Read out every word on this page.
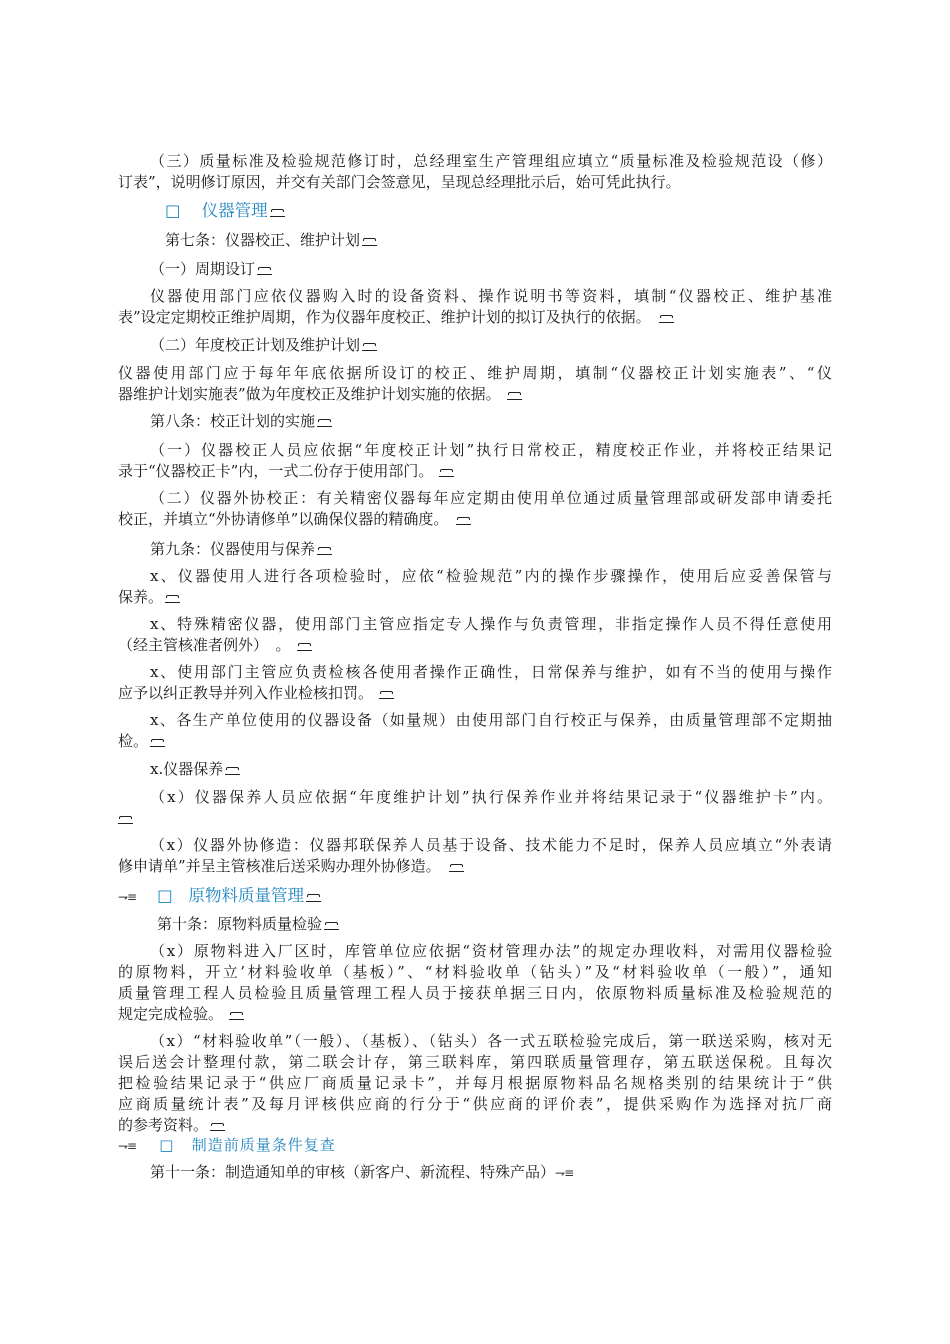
（三）质量标准及检验规范修订时，总经理室生产管理组应填立“质量标准及检验规范设（修）
订表”，说明修订原因，并交有关部门会签意见，呈现总经理批示后，始可凭此执行。
□ 仪器管理
第七条：仪器校正、维护计划
（一）周期设订
仪器使用部门应依仪器购入时的设备资料、操作说明书等资料，填制“仪器校正、维护基准
表”设定定期校正维护周期，作为仪器年度校正、维护计划的拟订及执行的依据。
（二）年度校正计划及维护计划
仪器使用部门应于每年年底依据所设订的校正、维护周期，填制“仪器校正计划实施表”、“仪
器维护计划实施表”做为年度校正及维护计划实施的依据。
第八条：校正计划的实施
（一）仪器校正人员应依据“年度校正计划”执行日常校正，精度校正作业，并将校正结果记
录于“仪器校正卡”内，一式二份存于使用部门。
（二）仪器外协校正：有关精密仪器每年应定期由使用单位通过质量管理部或研发部申请委托
校正，并填立“外协请修单”以确保仪器的精确度。
第九条：仪器使用与保养
x、仪器使用人进行各项检验时，应依“检验规范”内的操作步骤操作，使用后应妥善保管与
保养。
x、特殊精密仪器，使用部门主管应指定专人操作与负责管理，非指定操作人员不得任意使用
（经主管核准者例外）　。
x、使用部门主管应负责检核各使用者操作正确性，日常保养与维护，如有不当的使用与操作
应予以纠正教导并列入作业检核扣罚。
x、各生产单位使用的仪器设备（如量规）由使用部门自行校正与保养，由质量管理部不定期抽
检。
x.仪器保养
（x）仪器保养人员应依据“年度维护计划”执行保养作业并将结果记录于“仪器维护卡”内。
（x）仪器外协修造：仪器邦联保养人员基于设备、技术能力不足时，保养人员应填立“外表请
修申请单”并呈主管核准后送采购办理外协修造。
⇁≡ □ 原物料质量管理
第十条：原物料质量检验
（x）原物料进入厂区时，库管单位应依据“资材管理办法”的规定办理收料，对需用仪器检验
的原物料，开立’材料验收单（基板）”、“材料验收单（钻头）”及“材料验收单（一般）”，通知
质量管理工程人员检验且质量管理工程人员于接获单据三日内，依原物料质量标准及检验规范的
规定完成检验。
（x）“材料验收单”（一般）、（基板）、（钻头）各一式五联检验完成后，第一联送采购，核对无
误后送会计整理付款，第二联会计存，第三联料库，第四联质量管理存，第五联送保税。且每次
把检验结果记录于“供应厂商质量记录卡”，并每月根据原物料品名规格类别的结果统计于“供
应商质量统计表”及每月评核供应商的行分于“供应商的评价表”，提供采购作为选择对抗厂商
的参考资料。
⇁≡ □ 制造前质量条件复查
第十一条：制造通知单的审核（新客户、新流程、特殊产品）⇁≡
